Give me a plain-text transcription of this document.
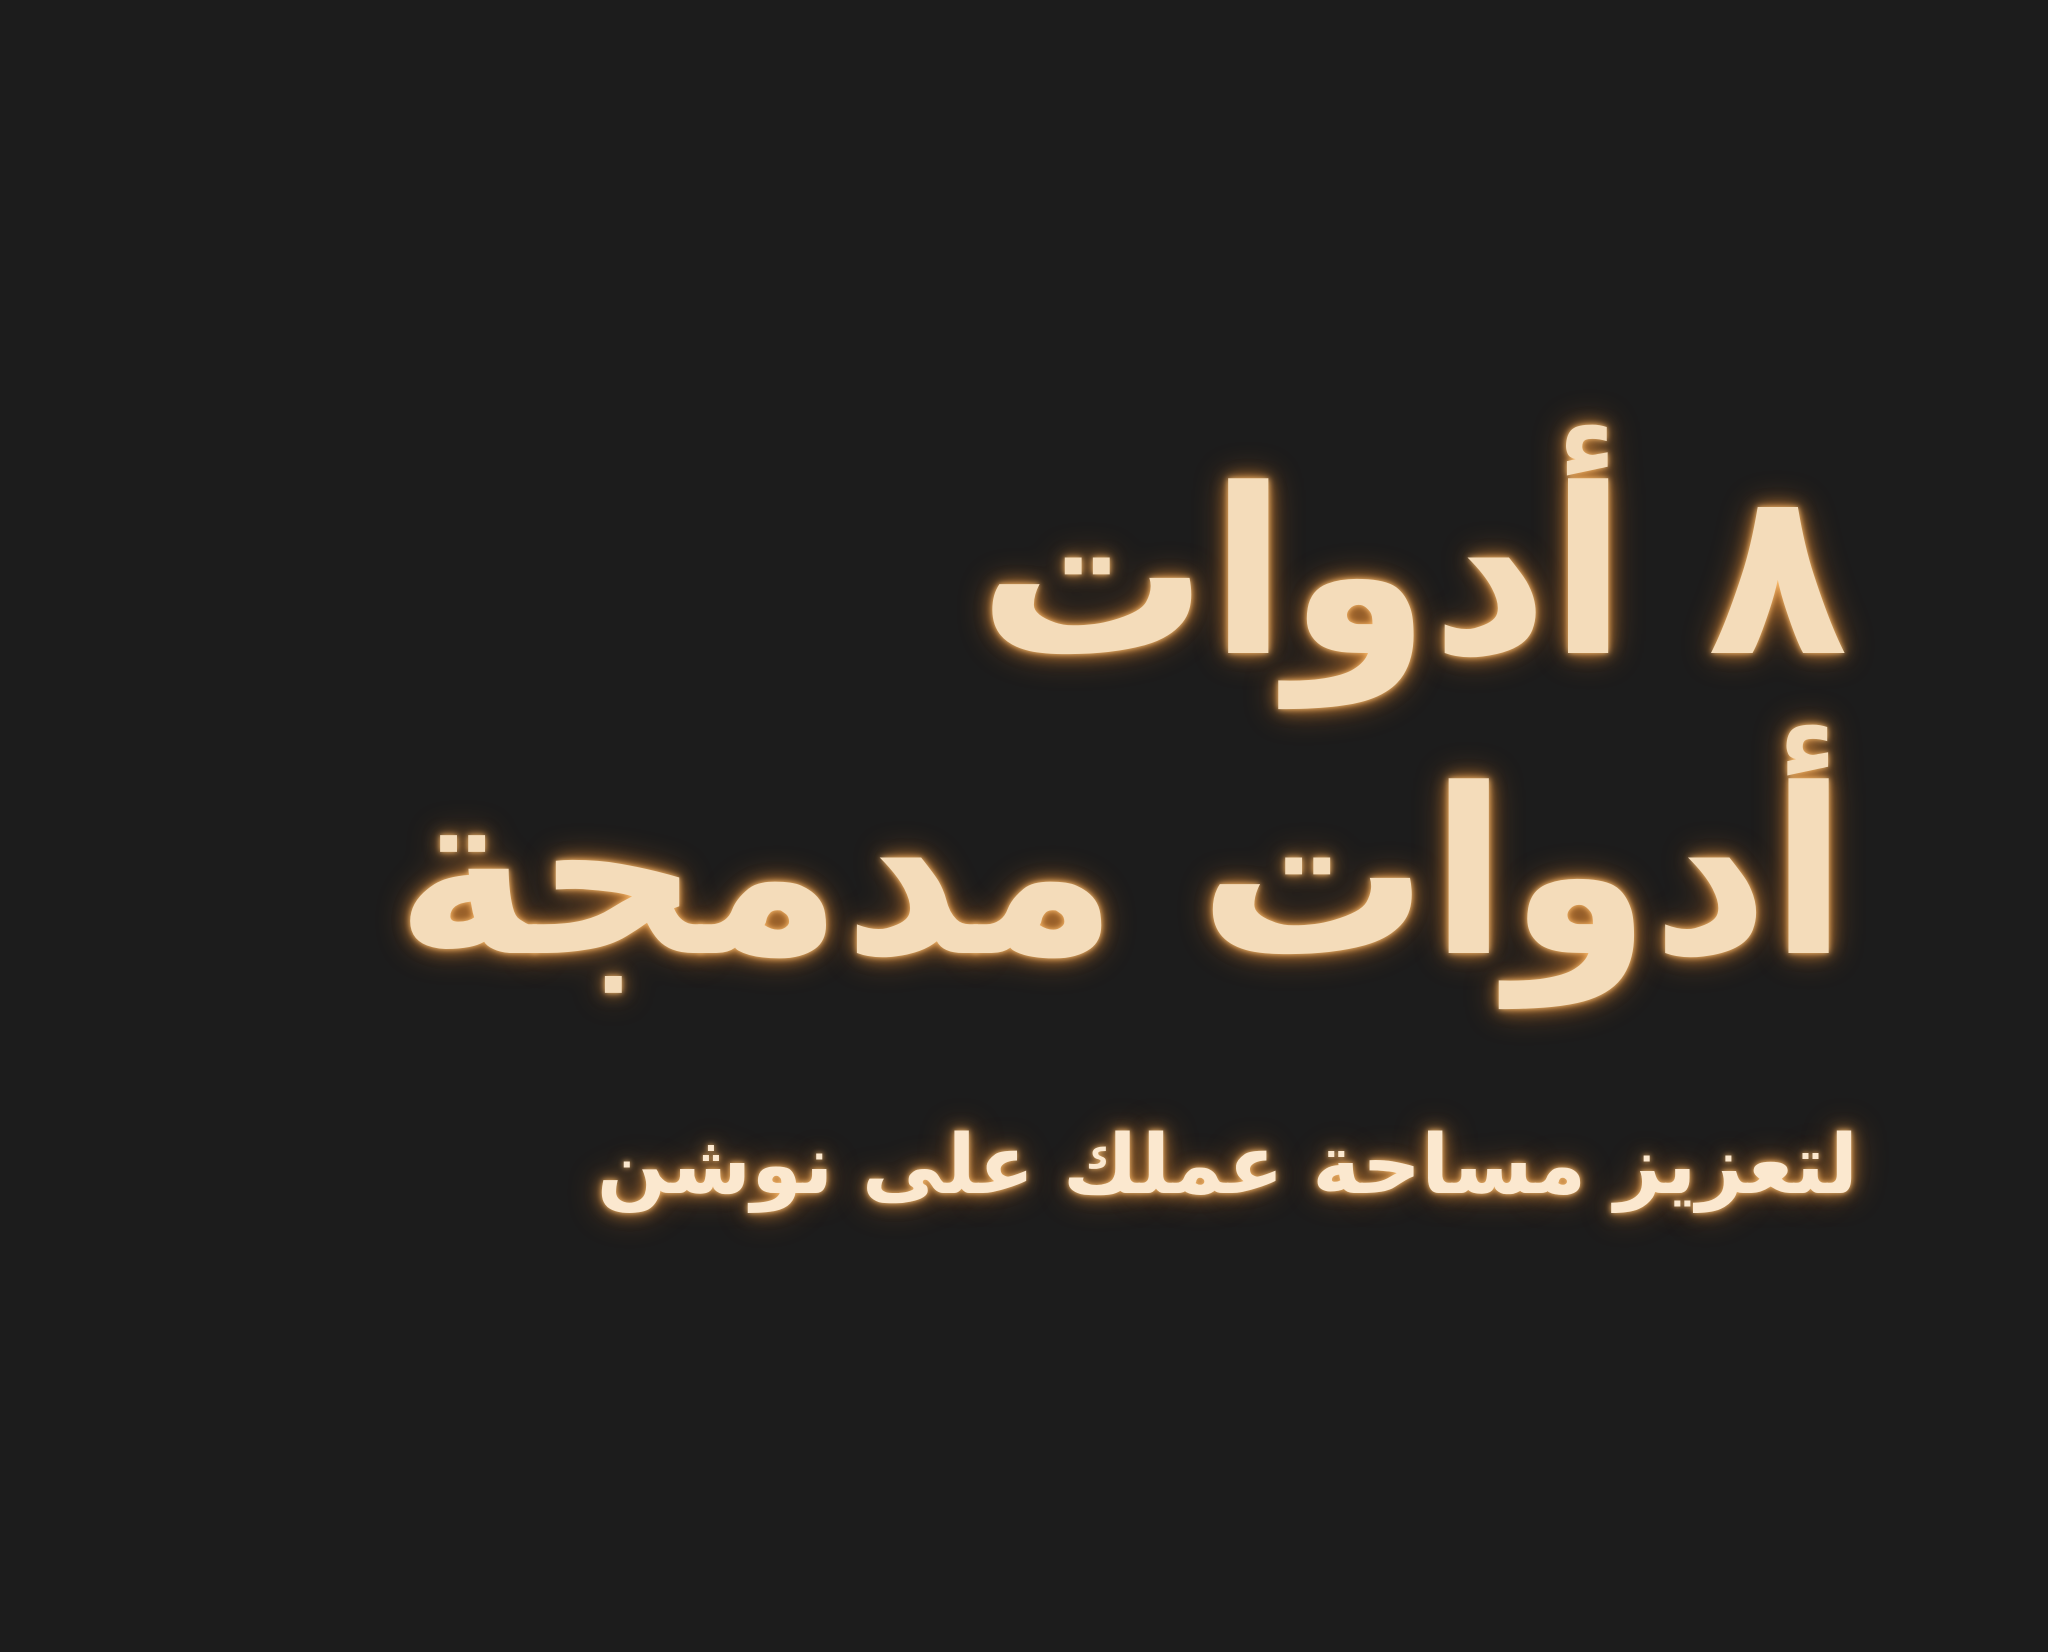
٨ أدوات
أدوات مدمجة
لتعزيز مساحة عملك على نوشن
